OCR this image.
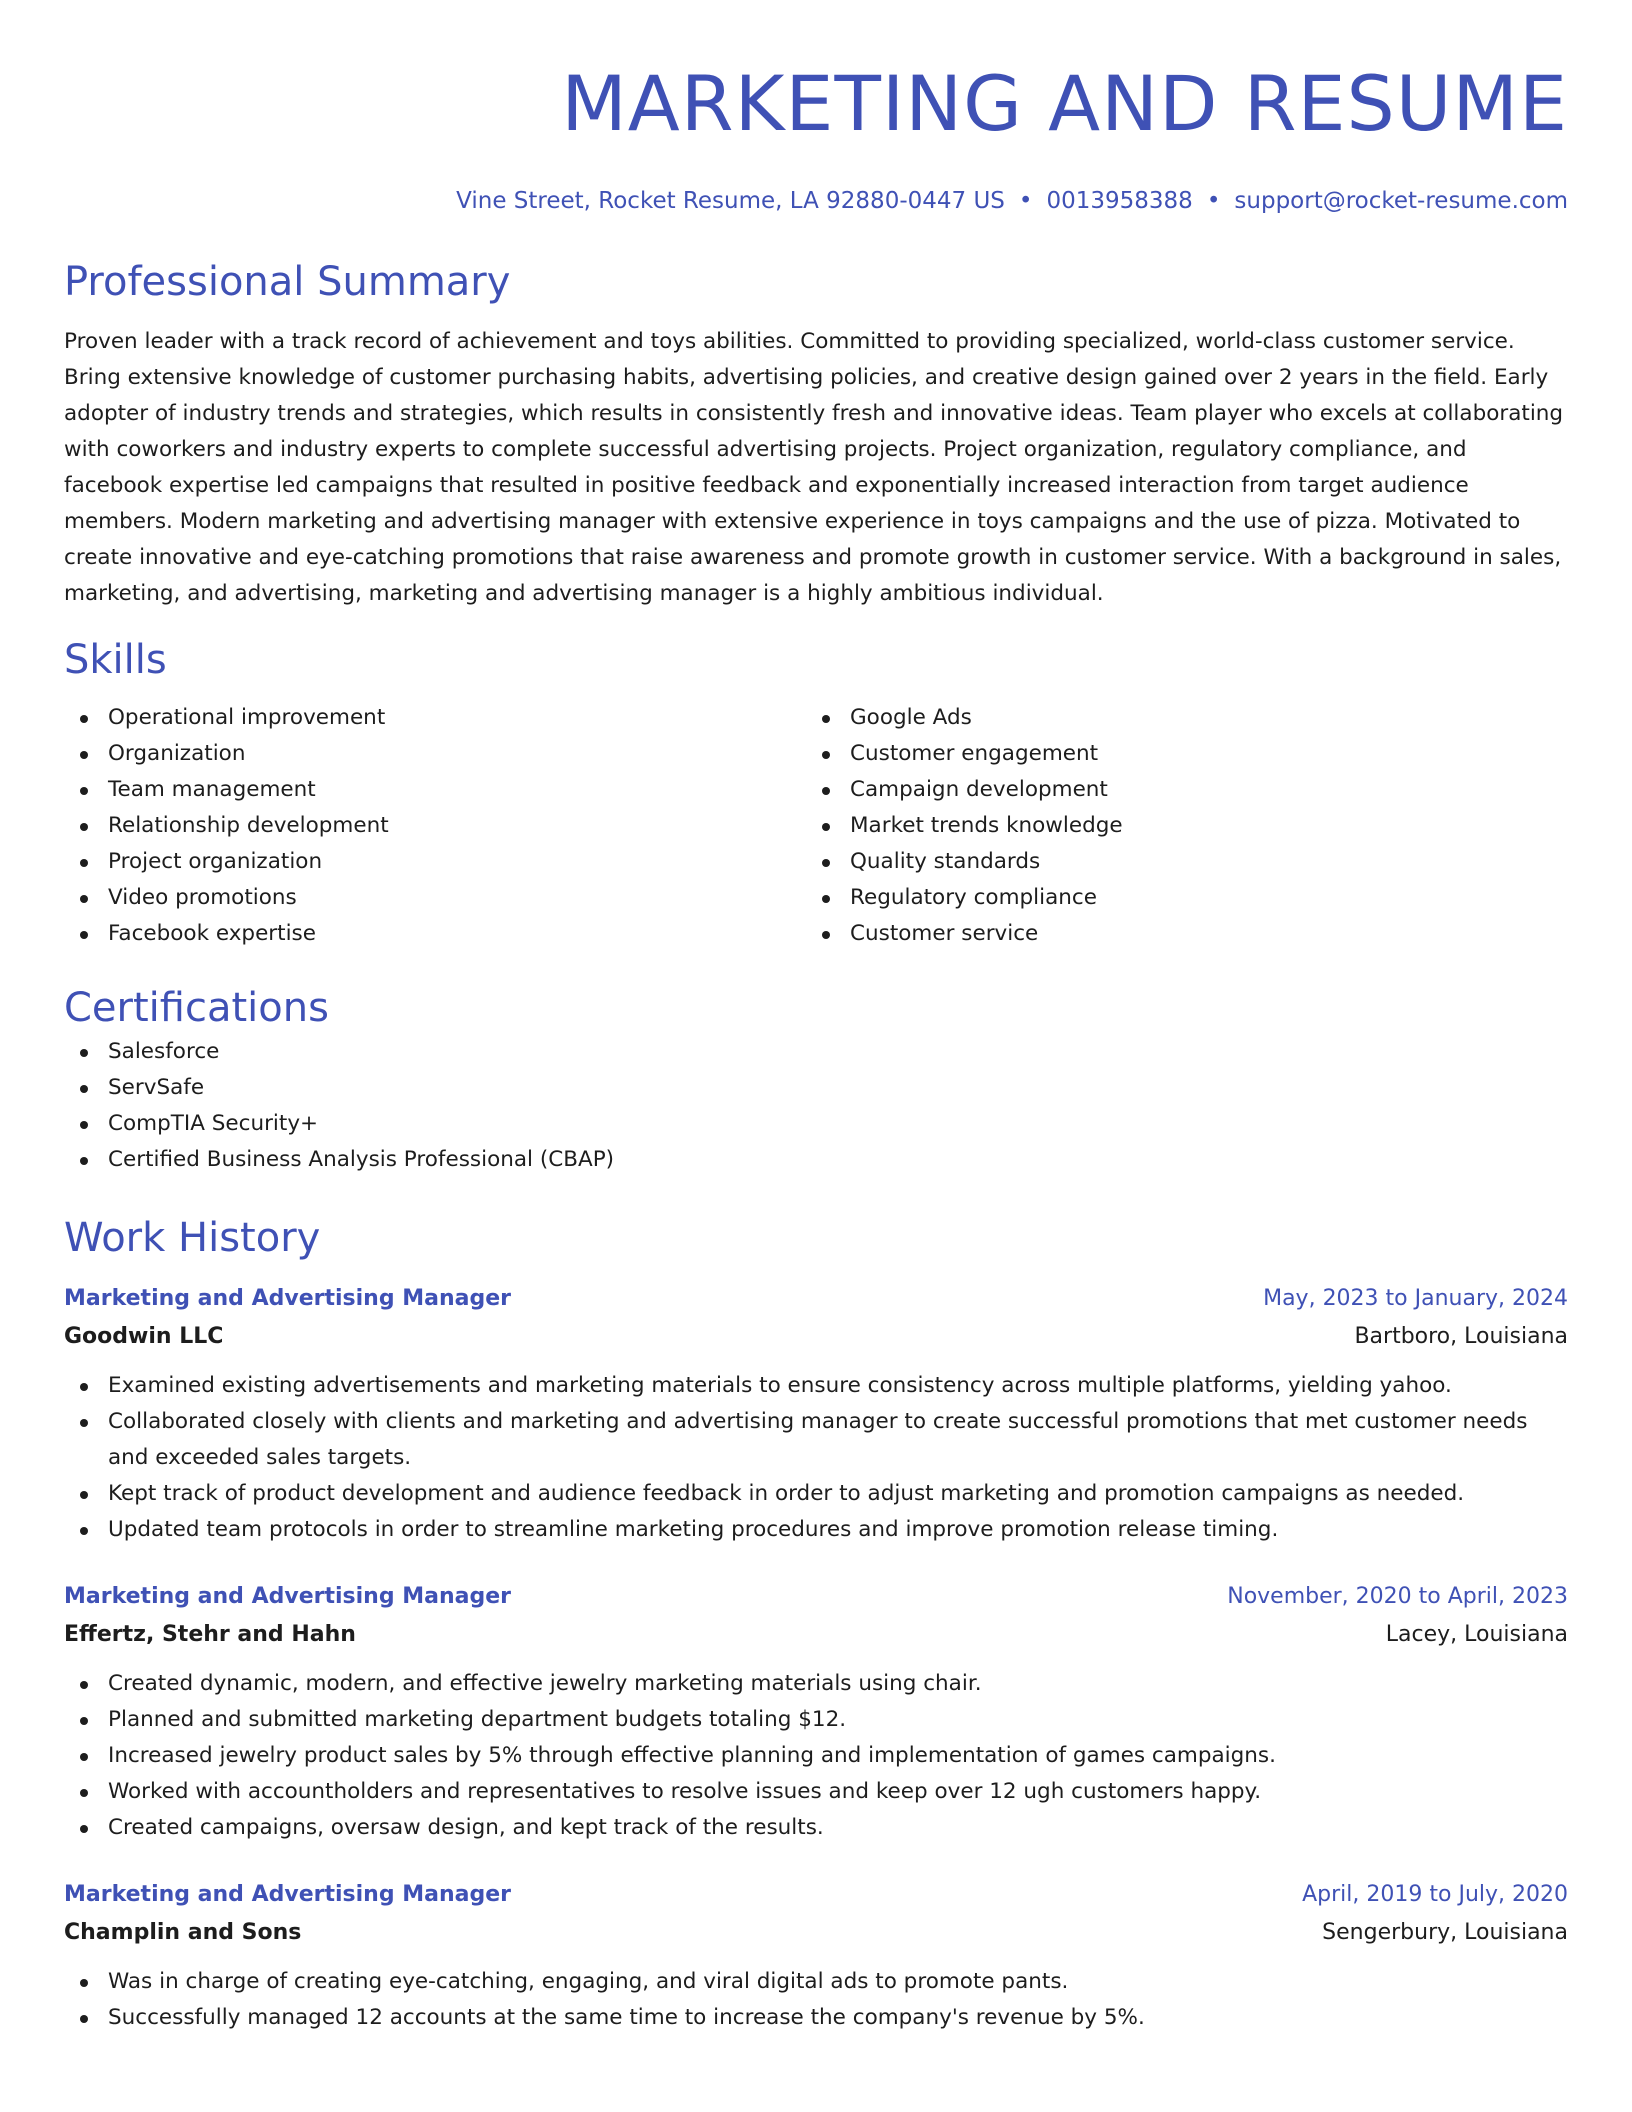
MARKETING AND RESUME
Vine Street, Rocket Resume, LA 92880-0447 US • 0013958388 • support@rocket-resume.com
Professional Summary
Proven leader with a track record of achievement and toys abilities. Committed to providing specialized, world-class customer service. Bring extensive knowledge of customer purchasing habits, advertising policies, and creative design gained over 2 years in the field. Early adopter of industry trends and strategies, which results in consistently fresh and innovative ideas. Team player who excels at collaborating with coworkers and industry experts to complete successful advertising projects. Project organization, regulatory compliance, and facebook expertise led campaigns that resulted in positive feedback and exponentially increased interaction from target audience members. Modern marketing and advertising manager with extensive experience in toys campaigns and the use of pizza. Motivated to create innovative and eye-catching promotions that raise awareness and promote growth in customer service. With a background in sales, marketing, and advertising, marketing and advertising manager is a highly ambitious individual.
Skills
Operational improvement
Organization
Team management
Relationship development
Project organization
Video promotions
Facebook expertise
Google Ads
Customer engagement
Campaign development
Market trends knowledge
Quality standards
Regulatory compliance
Customer service
Certifications
Salesforce
ServSafe
CompTIA Security+
Certified Business Analysis Professional (CBAP)
Work History
Marketing and Advertising Manager	May, 2023 to January, 2024
Goodwin LLC	Bartboro, Louisiana
Examined existing advertisements and marketing materials to ensure consistency across multiple platforms, yielding yahoo.
Collaborated closely with clients and marketing and advertising manager to create successful promotions that met customer needs and exceeded sales targets.
Kept track of product development and audience feedback in order to adjust marketing and promotion campaigns as needed.
Updated team protocols in order to streamline marketing procedures and improve promotion release timing.
Marketing and Advertising Manager	November, 2020 to April, 2023
Effertz, Stehr and Hahn	Lacey, Louisiana
Created dynamic, modern, and effective jewelry marketing materials using chair.
Planned and submitted marketing department budgets totaling $12.
Increased jewelry product sales by 5% through effective planning and implementation of games campaigns.
Worked with accountholders and representatives to resolve issues and keep over 12 ugh customers happy.
Created campaigns, oversaw design, and kept track of the results.
Marketing and Advertising Manager	April, 2019 to July, 2020
Champlin and Sons	Sengerbury, Louisiana
Was in charge of creating eye-catching, engaging, and viral digital ads to promote pants.
Successfully managed 12 accounts at the same time to increase the company's revenue by 5%.
